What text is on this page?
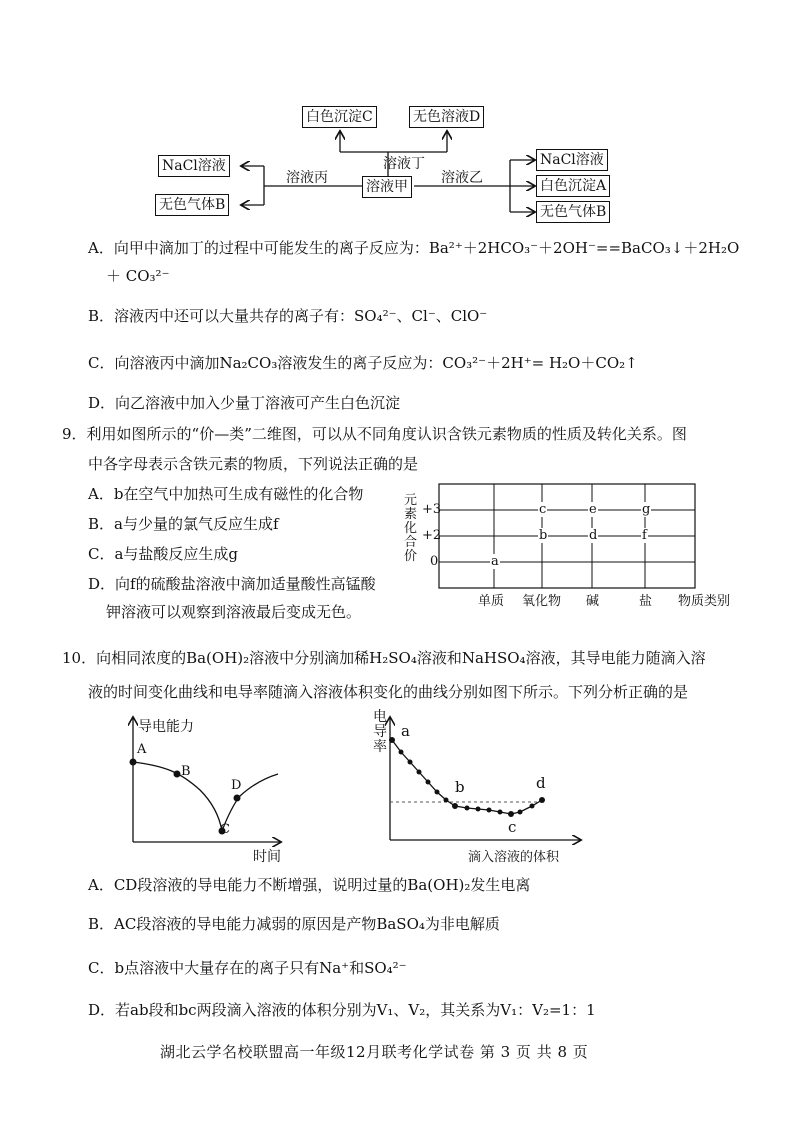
白色沉淀C	无色溶液D
溶液丁
溶液甲
溶液丙	溶液乙
NaCl溶液
无色气体B
NaCl溶液
白色沉淀A
无色气体B
A．向甲中滴加丁的过程中可能发生的离子反应为：Ba²⁺＋2HCO₃⁻＋2OH⁻==BaCO₃↓＋2H₂O
＋ CO₃²⁻
B．溶液丙中还可以大量共存的离子有：SO₄²⁻、Cl⁻、ClO⁻
C．向溶液丙中滴加Na₂CO₃溶液发生的离子反应为：CO₃²⁻＋2H⁺= H₂O＋CO₂↑
D．向乙溶液中加入少量丁溶液可产生白色沉淀
9．利用如图所示的“价—类”二维图，可以从不同角度认识含铁元素物质的性质及转化关系。图
中各字母表示含铁元素的物质，下列说法正确的是
A．b在空气中加热可生成有磁性的化合物
B．a与少量的氯气反应生成f
C．a与盐酸反应生成g
D．向f的硫酸盐溶液中滴加适量酸性高锰酸
钾溶液可以观察到溶液最后变成无色。
元素化合价
+3
+2
0
单质 氧化物 碱	盐 物质类别
a
c
b
e
d
g
f
10．向相同浓度的Ba(OH)₂溶液中分别滴加稀H₂SO₄溶液和NaHSO₄溶液，其导电能力随滴入溶
液的时间变化曲线和电导率随滴入溶液体积变化的曲线分别如图下所示。下列分析正确的是
导电能力
A
B
C
D
时间
电导率
a
b
c
d
滴入溶液的体积
A．CD段溶液的导电能力不断增强，说明过量的Ba(OH)₂发生电离
B．AC段溶液的导电能力减弱的原因是产物BaSO₄为非电解质
C．b点溶液中大量存在的离子只有Na⁺和SO₄²⁻
D．若ab段和bc两段滴入溶液的体积分别为V₁、V₂，其关系为V₁：V₂=1：1
湖北云学名校联盟高一年级12月联考化学试卷 第 3 页 共 8 页
